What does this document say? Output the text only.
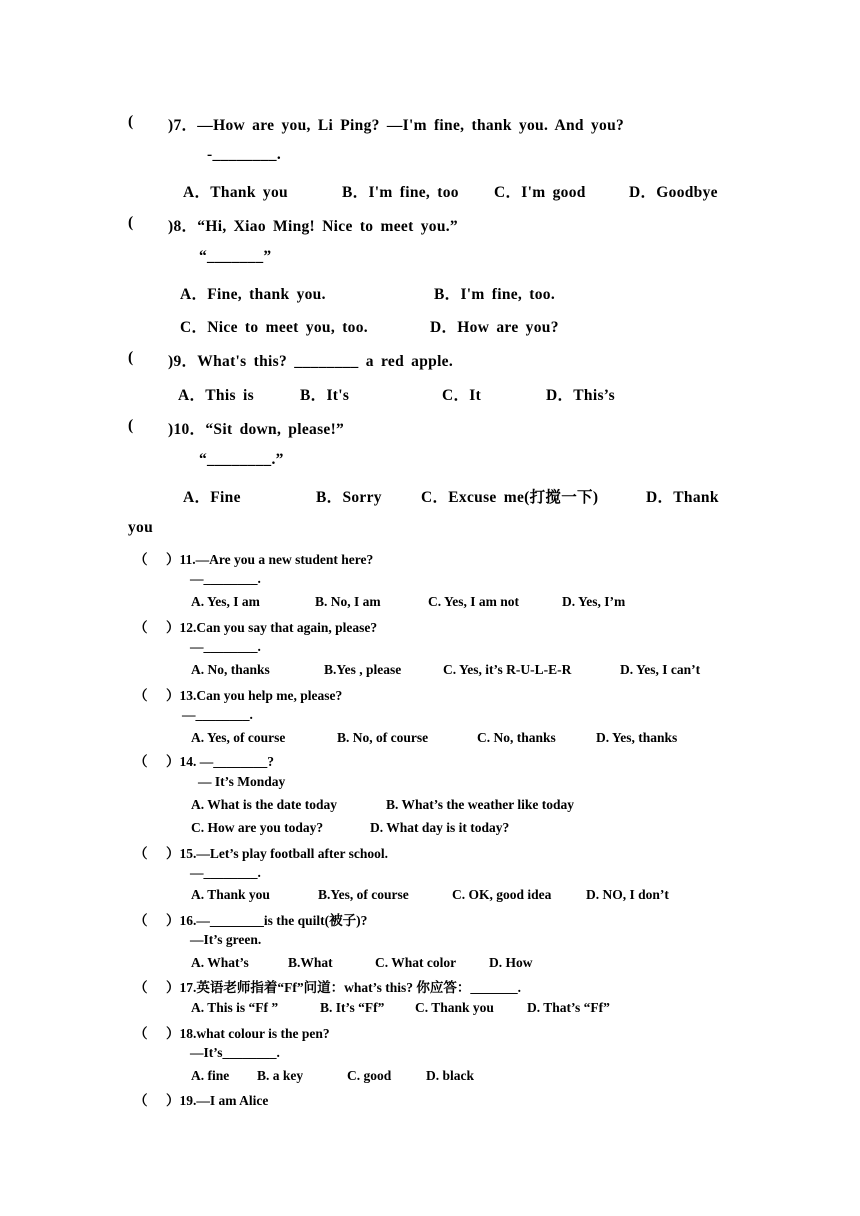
( )7．—How are you, Li Ping? —I'm fine, thank you. And you?
-________.
A．Thank you	B．I'm fine, too C．I'm good	D．Goodbye
( )8．“Hi, Xiao Ming! Nice to meet you.”
“_______”
A．Fine, thank you.	B．I'm fine, too.
C．Nice to meet you, too.	D．How are you?
( )9．What's this? ________ a red apple.
A．This is	B．It's	C．It	D．This’s
( )10．“Sit down, please!”
“________.”
A．Fine	B．Sorry	C．Excuse me(打搅一下)	D．Thank
you
（ ）11.—Are you a new student here?
—________.
A. Yes, I am	B. No, I am	C. Yes, I am not	D. Yes, I’m
（ ）12.Can you say that again, please?
—________.
A. No, thanks	B.Yes , please	C. Yes, it’s R-U-L-E-R	D. Yes, I can’t
（ ）13.Can you help me, please?
—________.
A. Yes, of course	B. No, of course	C. No, thanks	D. Yes, thanks
（ ）14. —________?
— It’s Monday
A. What is the date today	B. What’s the weather like today
C. How are you today?	D. What day is it today?
（ ）15.—Let’s play football after school.
—________.
A. Thank you	B.Yes, of course	C. OK, good idea	D. NO, I don’t
（ ）16.—________is the quilt(被子)?
—It’s green.
A. What’s	B.What	C. What color D. How
（ ）17.英语老师指着“Ff”问道：what’s this? 你应答：_______.
A. This is “Ff ”	B. It’s “Ff” C. Thank you D. That’s “Ff”
（ ）18.what colour is the pen?
—It’s________.
A. fine B. a key	C. good	D. black
（ ）19.—I am Alice
